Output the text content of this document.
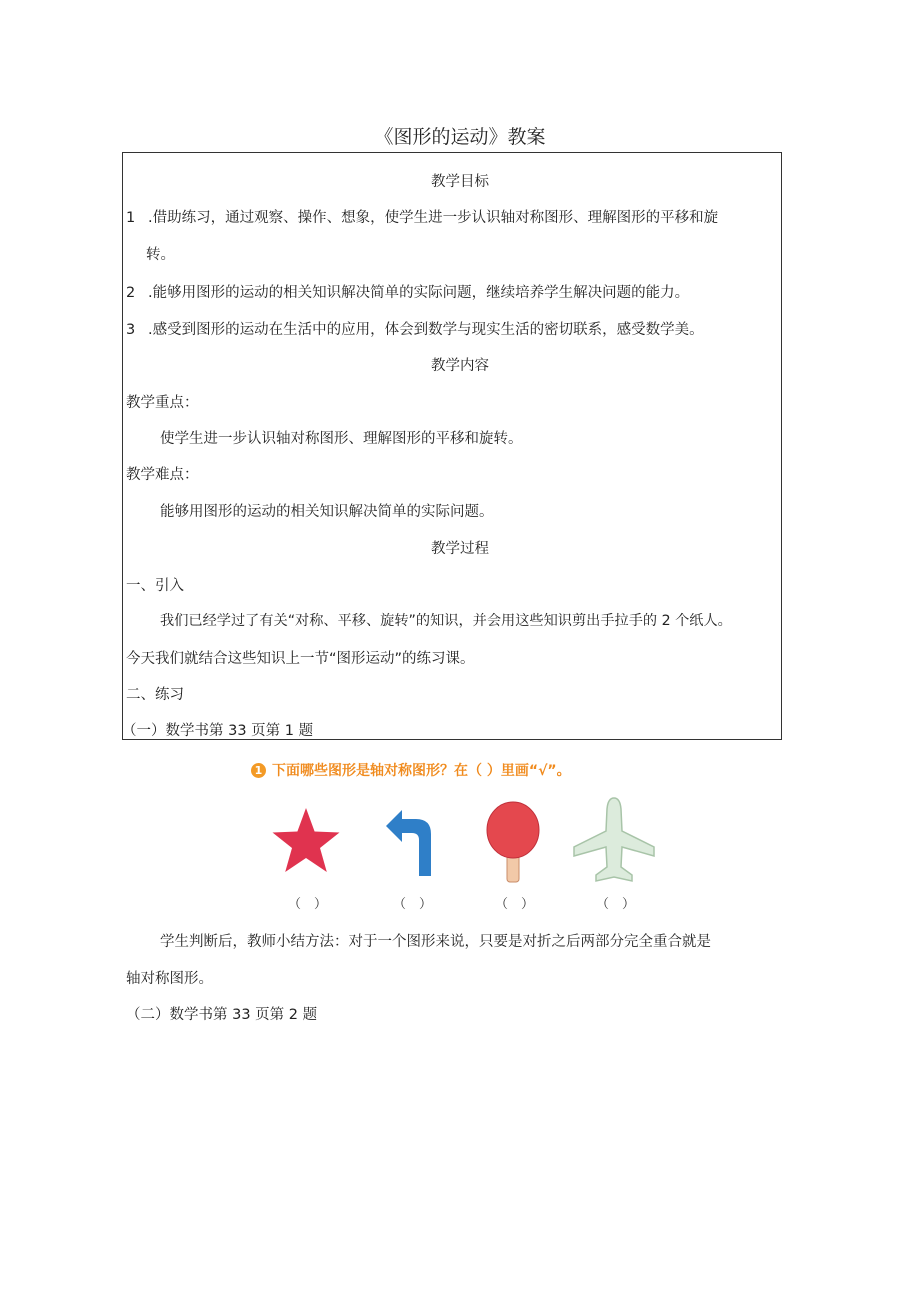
《图形的运动》教案
教学目标
1 .借助练习，通过观察、操作、想象，使学生进一步认识轴对称图形、理解图形的平移和旋
转。
2 .能够用图形的运动的相关知识解决简单的实际问题，继续培养学生解决问题的能力。
3 .感受到图形的运动在生活中的应用，体会到数学与现实生活的密切联系，感受数学美。
教学内容
教学重点：
使学生进一步认识轴对称图形、理解图形的平移和旋转。
教学难点：
能够用图形的运动的相关知识解决简单的实际问题。
教学过程
一、引入
我们已经学过了有关“对称、平移、旋转”的知识，并会用这些知识剪出手拉手的 2 个纸人。
今天我们就结合这些知识上一节“图形运动”的练习课。
二、练习
（一）数学书第 33 页第 1 题
1 下面哪些图形是轴对称图形？在（ ）里画“√”。
（　）	（　）	（　）	（　）
学生判断后，教师小结方法：对于一个图形来说，只要是对折之后两部分完全重合就是
轴对称图形。
（二）数学书第 33 页第 2 题
